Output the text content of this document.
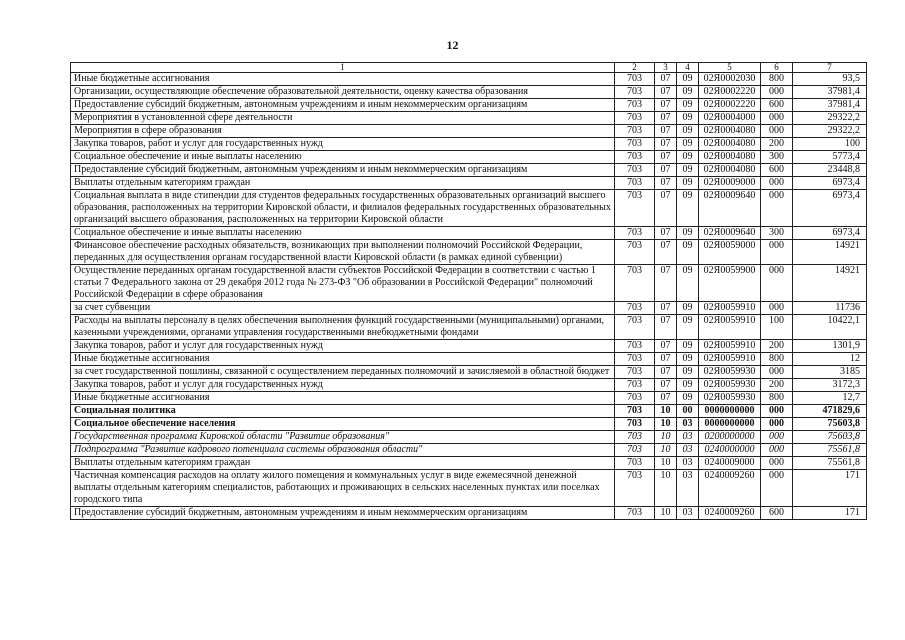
12
1	2	3	4	5	6	7
Иные бюджетные ассигнования	703	07	09	02Я0002030	800	93,5
Организации, осуществляющие обеспечение образовательной деятельности, оценку качества образования	703	07	09	02Я0002220	000	37981,4
Предоставление субсидий бюджетным, автономным учреждениям и иным некоммерческим организациям	703	07	09	02Я0002220	600	37981,4
Мероприятия в установленной сфере деятельности	703	07	09	02Я0004000	000	29322,2
Мероприятия в сфере образования	703	07	09	02Я0004080	000	29322,2
Закупка товаров, работ и услуг для государственных нужд	703	07	09	02Я0004080	200	100
Социальное обеспечение и иные выплаты населению	703	07	09	02Я0004080	300	5773,4
Предоставление субсидий бюджетным, автономным учреждениям и иным некоммерческим организациям	703	07	09	02Я0004080	600	23448,8
Выплаты отдельным категориям граждан	703	07	09	02Я0009000	000	6973,4
Социальная выплата в виде стипендии для студентов федеральных государственных образовательных организаций высшего образования, расположенных на территории Кировской области, и филиалов федеральных государственных образовательных организаций высшего образования, расположенных на территории Кировской области	703	07	09	02Я0009640	000	6973,4
Социальное обеспечение и иные выплаты населению	703	07	09	02Я0009640	300	6973,4
Финансовое обеспечение расходных обязательств, возникающих при выполнении полномочий Российской Федерации, переданных для осуществления органам государственной власти Кировской области (в рамках единой субвенции)	703	07	09	02Я0059000	000	14921
Осуществление переданных органам государственной власти субъектов Российской Федерации в соответствии с частью 1 статьи 7 Федерального закона от 29 декабря 2012 года № 273-ФЗ "Об образовании в Российской Федерации" полномочий Российской Федерации в сфере образования	703	07	09	02Я0059900	000	14921
за счет субвенции	703	07	09	02Я0059910	000	11736
Расходы на выплаты персоналу в целях обеспечения выполнения функций государственными (муниципальными) органами, казенными учреждениями, органами управления государственными внебюджетными фондами	703	07	09	02Я0059910	100	10422,1
Закупка товаров, работ и услуг для государственных нужд	703	07	09	02Я0059910	200	1301,9
Иные бюджетные ассигнования	703	07	09	02Я0059910	800	12
за счет государственной пошлины, связанной с осуществлением переданных полномочий и зачисляемой в областной бюджет	703	07	09	02Я0059930	000	3185
Закупка товаров, работ и услуг для государственных нужд	703	07	09	02Я0059930	200	3172,3
Иные бюджетные ассигнования	703	07	09	02Я0059930	800	12,7
Социальная политика	703	10	00	0000000000	000	471829,6
Социальное обеспечение населения	703	10	03	0000000000	000	75603,8
Государственная программа Кировской области "Развитие образования"	703	10	03	0200000000	000	75603,8
Подпрограмма "Развитие кадрового потенциала системы образования области"	703	10	03	0240000000	000	75561,8
Выплаты отдельным категориям граждан	703	10	03	0240009000	000	75561,8
Частичная компенсация расходов на оплату жилого помещения и коммунальных услуг в виде ежемесячной денежной выплаты отдельным категориям специалистов, работающих и проживающих в сельских населенных пунктах или поселках городского типа	703	10	03	0240009260	000	171
Предоставление субсидий бюджетным, автономным учреждениям и иным некоммерческим организациям	703	10	03	0240009260	600	171
